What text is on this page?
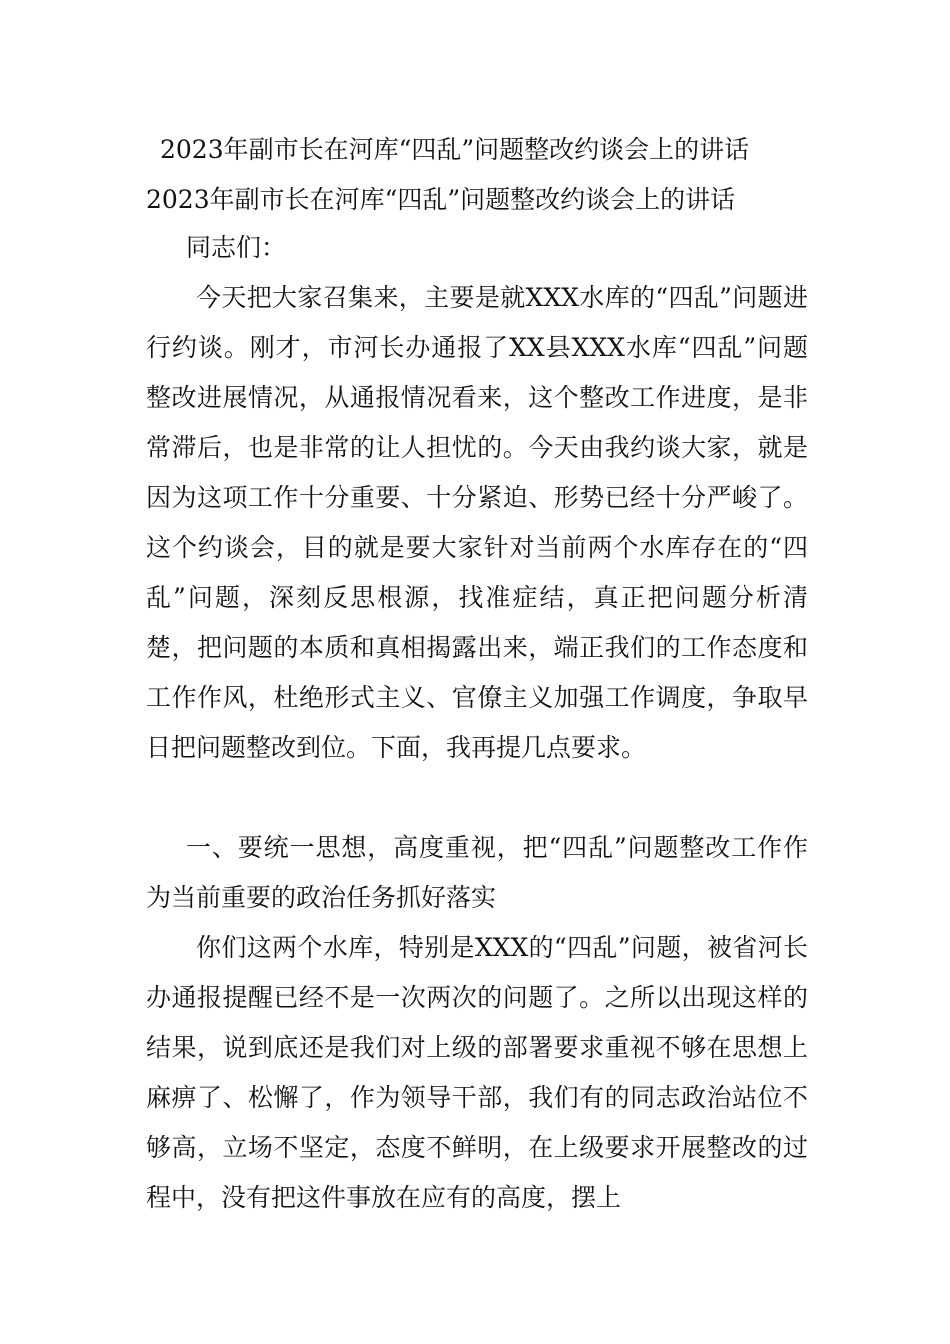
2023年副市长在河库“四乱”问题整改约谈会上的讲话
2023年副市长在河库“四乱”问题整改约谈会上的讲话

同志们：

今天把大家召集来，主要是就XXX水库的“四乱”问题进行约谈。刚才，市河长办通报了XX县XXX水库“四乱”问题整改进展情况，从通报情况看来，这个整改工作进度，是非常滞后，也是非常的让人担忧的。今天由我约谈大家，就是因为这项工作十分重要、十分紧迫、形势已经十分严峻了。这个约谈会，目的就是要大家针对当前两个水库存在的“四乱”问题，深刻反思根源，找准症结，真正把问题分析清楚，把问题的本质和真相揭露出来，端正我们的工作态度和工作作风，杜绝形式主义、官僚主义加强工作调度，争取早日把问题整改到位。下面，我再提几点要求。

一、要统一思想，高度重视，把“四乱”问题整改工作作为当前重要的政治任务抓好落实

你们这两个水库，特别是XXX的“四乱”问题，被省河长办通报提醒已经不是一次两次的问题了。之所以出现这样的结果，说到底还是我们对上级的部署要求重视不够在思想上麻痹了、松懈了，作为领导干部，我们有的同志政治站位不够高，立场不坚定，态度不鲜明，在上级要求开展整改的过程中，没有把这件事放在应有的高度，摆上
